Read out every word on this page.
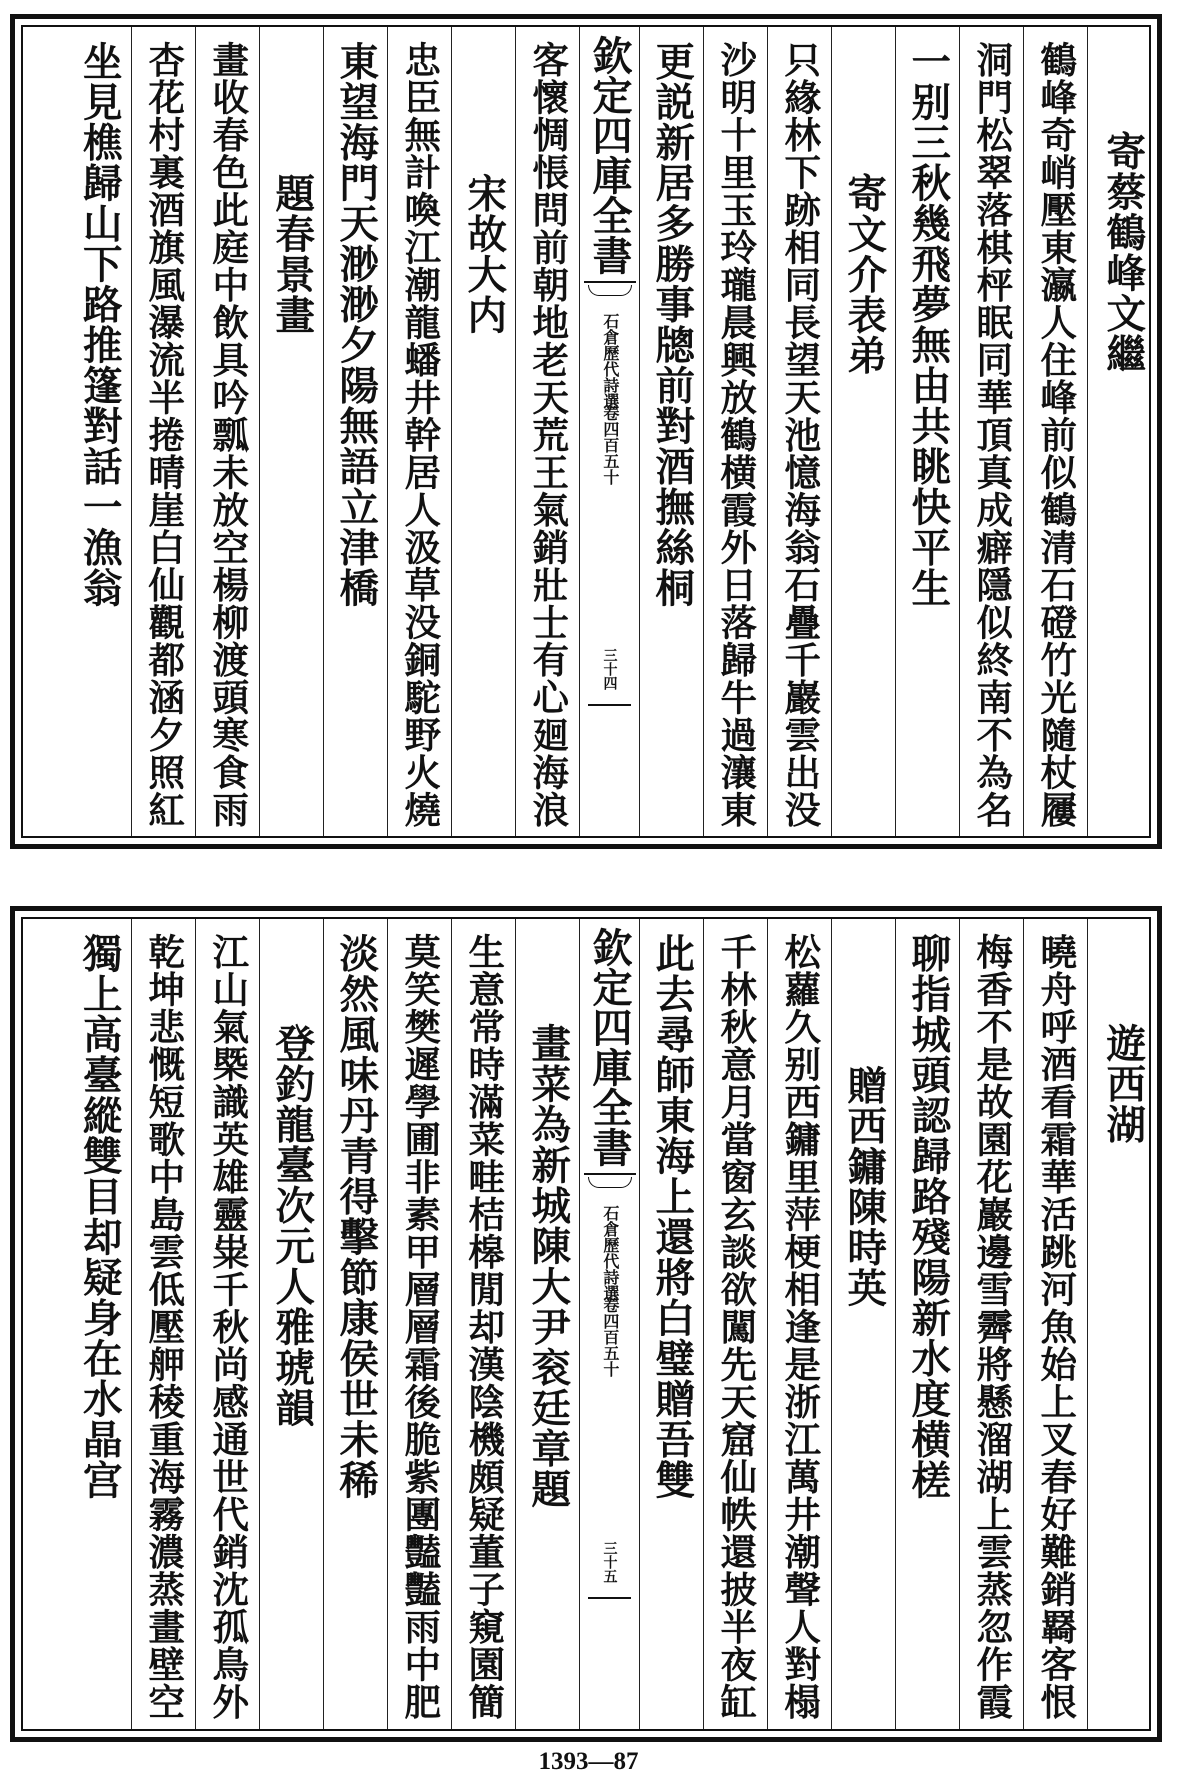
寄蔡鶴峰文繼
鶴峰奇峭壓東瀛人住峰前似鶴清石磴竹光隨杖屨
洞門松翠落棋枰眠同華頂真成癖隱似終南不為名
一别三秋幾飛夢無由共眺快平生
寄文介表弟
只緣林下跡相同長望天池憶海翁石疊千巖雲出没
沙明十里玉玲瓏晨興放鶴横霞外日落歸牛過瀼東
更説新居多勝事牕前對酒撫絲桐
欽定四庫全書
石倉歷代詩選
卷四百五十
三十四
客懷惆悵問前朝地老天荒王氣銷壯士有心廻海浪
宋故大内
忠臣無計喚江潮龍蟠井幹居人汲草没銅駝野火燒
東望海門天渺渺夕陽無語立津橋
題春景畫
畫收春色此庭中飲具吟瓢未放空楊柳渡頭寒食雨
杏花村裏酒旗風瀑流半捲晴崖白仙觀都涵夕照紅
坐見樵歸山下路推篷對話一漁翁
遊西湖
曉舟呼酒看霜華活跳河魚始上叉春好難銷羇客恨
梅香不是故園花巖邊雪霽將懸溜湖上雲蒸忽作霞
聊指城頭認歸路殘陽新水度横槎
贈西鏞陳時英
松蘿久别西鏞里萍梗相逢是浙江萬井潮聲人對榻
千林秋意月當窗玄談欲闖先天窟仙帙還披半夜缸
此去尋師東海上還將白璧贈吾雙
欽定四庫全書
石倉歷代詩選
卷四百五十
三十五
畫菜為新城陳大尹衮廷章題
生意常時滿菜畦桔槔閒却漢陰機頗疑董子窺園簡
莫笑樊遲學圃非素甲層層霜後脆紫團豔豔雨中肥
淡然風味丹青得擊節康侯世未稀
登釣龍臺次元人雅琥韻
江山氣槩識英雄靈粜千秋尚感通世代銷沈孤鳥外
乾坤悲慨短歌中島雲低壓舺稜重海霧濃蒸畫壁空
獨上高臺縱雙目却疑身在水晶宫
1393—87
